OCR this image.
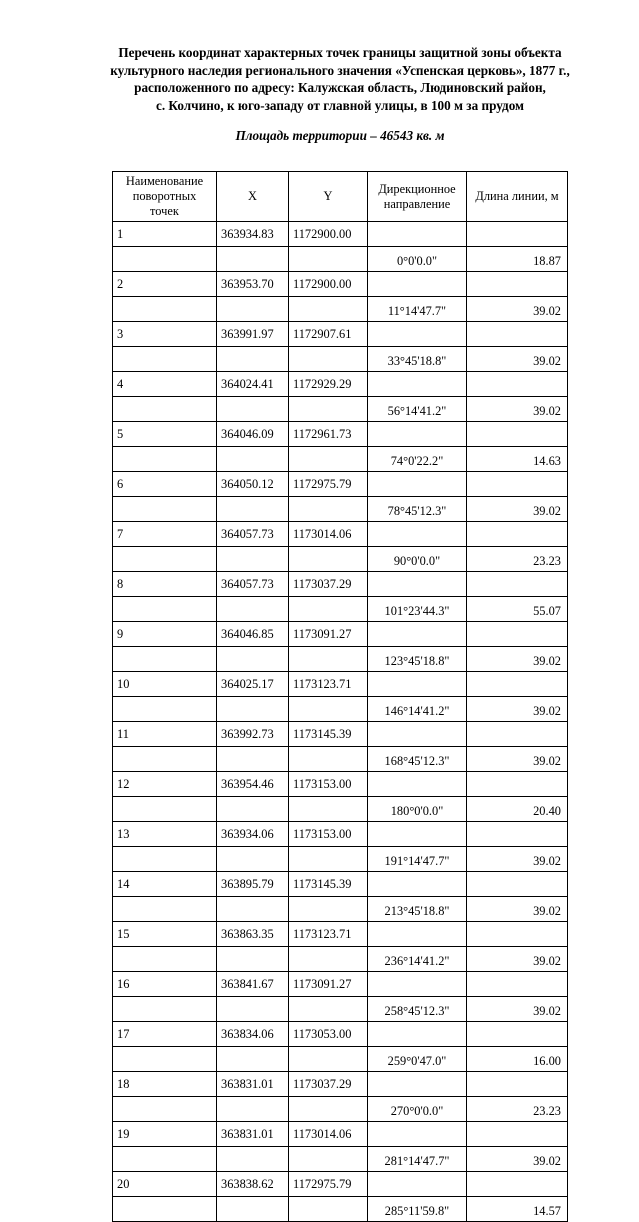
Перечень координат характерных точек границы защитной зоны объекта
культурного наследия регионального значения «Успенская церковь», 1877 г.,
расположенного по адресу: Калужская область, Людиновский район,
с. Колчино, к юго-западу от главной улицы, в 100 м за прудом
Площадь территории – 46543 кв. м
Наименование поворотных точек	X	Y	Дирекционное направление	Длина линии, м
1	363934.83	1172900.00		
			0°0'0.0"	18.87
2	363953.70	1172900.00		
			11°14'47.7"	39.02
3	363991.97	1172907.61		
			33°45'18.8"	39.02
4	364024.41	1172929.29		
			56°14'41.2"	39.02
5	364046.09	1172961.73		
			74°0'22.2"	14.63
6	364050.12	1172975.79		
			78°45'12.3"	39.02
7	364057.73	1173014.06		
			90°0'0.0"	23.23
8	364057.73	1173037.29		
			101°23'44.3"	55.07
9	364046.85	1173091.27		
			123°45'18.8"	39.02
10	364025.17	1173123.71		
			146°14'41.2"	39.02
11	363992.73	1173145.39		
			168°45'12.3"	39.02
12	363954.46	1173153.00		
			180°0'0.0"	20.40
13	363934.06	1173153.00		
			191°14'47.7"	39.02
14	363895.79	1173145.39		
			213°45'18.8"	39.02
15	363863.35	1173123.71		
			236°14'41.2"	39.02
16	363841.67	1173091.27		
			258°45'12.3"	39.02
17	363834.06	1173053.00		
			259°0'47.0"	16.00
18	363831.01	1173037.29		
			270°0'0.0"	23.23
19	363831.01	1173014.06		
			281°14'47.7"	39.02
20	363838.62	1172975.79		
			285°11'59.8"	14.57
